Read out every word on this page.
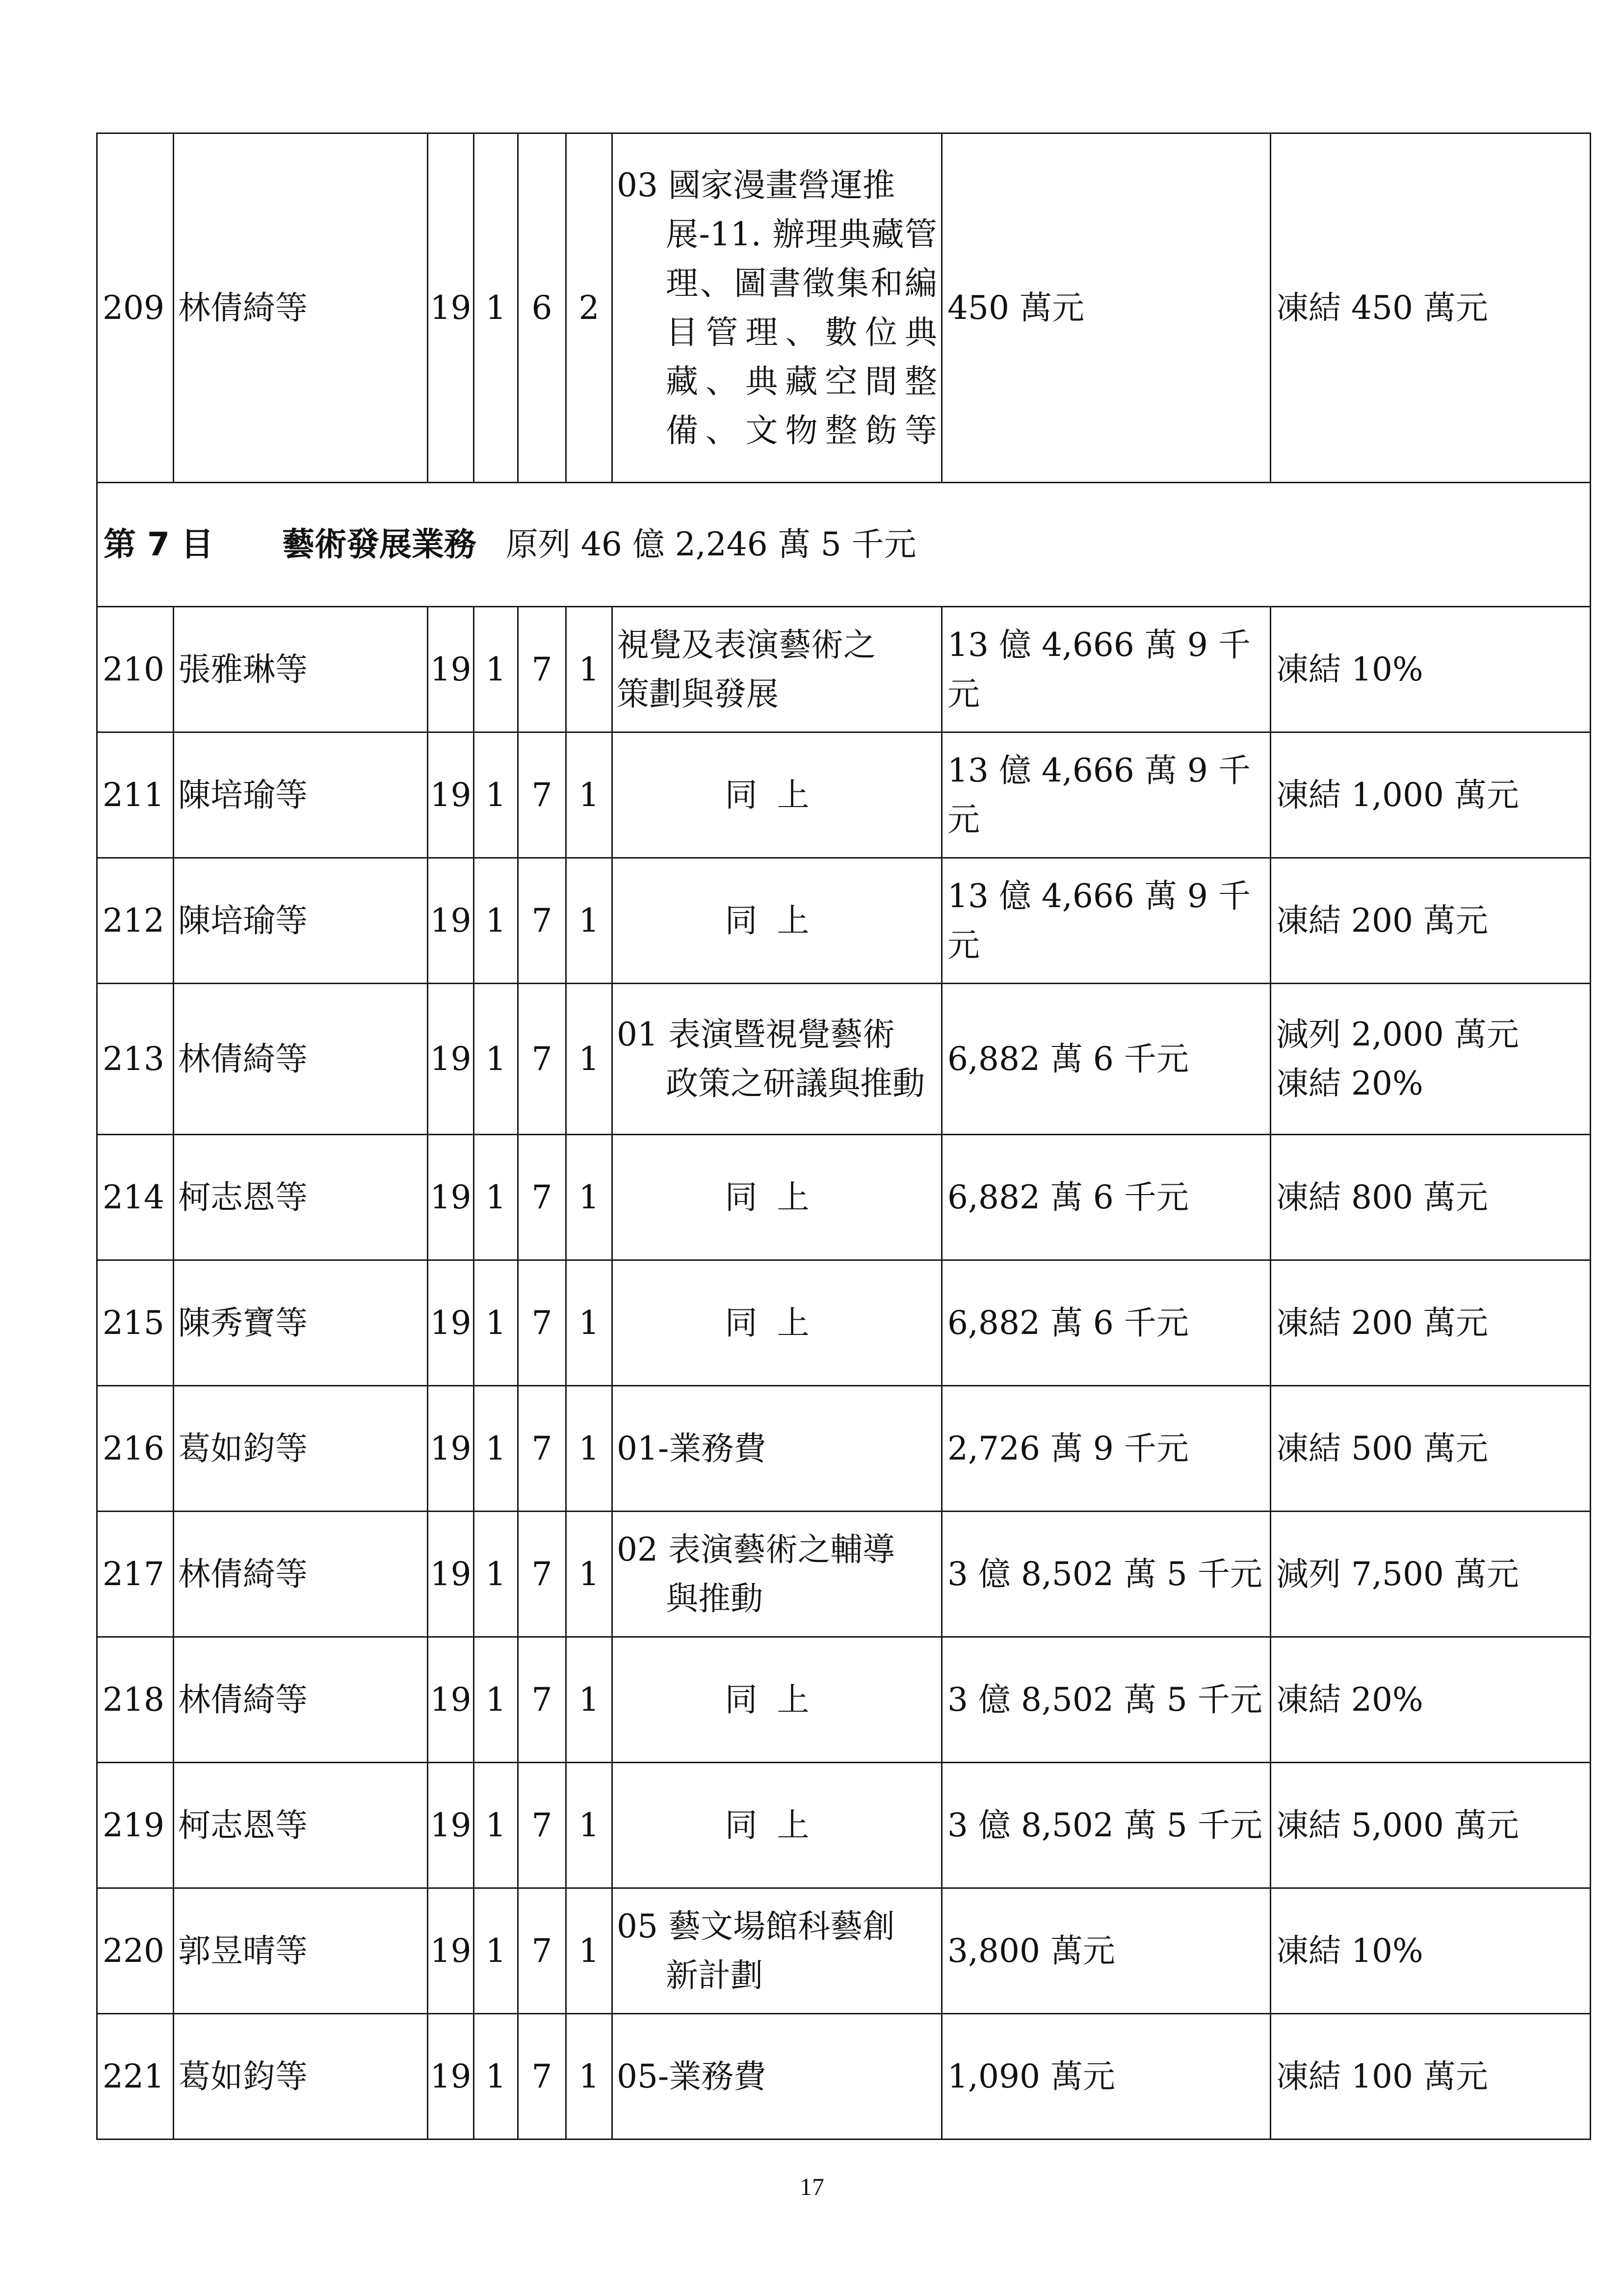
209	林倩綺等	19	1	6	2	03 國家漫畫營運推
展-11. 辦理典藏管理、圖書徵集和編目管理、數位典藏、典藏空間整備、文物整飭等	450 萬元	凍結 450 萬元
第 7 目 藝術發展業務 原列 46 億 2,246 萬 5 千元								
210	張雅琳等	19	1	7	1	視覺及表演藝術之
策劃與發展	13 億 4,666 萬 9 千
元	凍結 10%

211	陳培瑜等	19	1	7	1	同上	13 億 4,666 萬 9 千
元	凍結 1,000 萬元

212	陳培瑜等	19	1	7	1	同上	13 億 4,666 萬 9 千
元	凍結 200 萬元

213	林倩綺等	19	1	7	1	01 表演暨視覺藝術
政策之研議與推動	6,882 萬 6 千元	減列 2,000 萬元
凍結 20%

214	柯志恩等	19	1	7	1	同上	6,882 萬 6 千元	凍結 800 萬元

215	陳秀寶等	19	1	7	1	同上	6,882 萬 6 千元	凍結 200 萬元

216	葛如鈞等	19	1	7	1	01-業務費	2,726 萬 9 千元	凍結 500 萬元

217	林倩綺等	19	1	7	1	02 表演藝術之輔導
與推動	3 億 8,502 萬 5 千元	減列 7,500 萬元

218	林倩綺等	19	1	7	1	同上	3 億 8,502 萬 5 千元	凍結 20%

219	柯志恩等	19	1	7	1	同上	3 億 8,502 萬 5 千元	凍結 5,000 萬元

220	郭昱晴等	19	1	7	1	05 藝文場館科藝創
新計劃	3,800 萬元	凍結 10%

221	葛如鈞等	19	1	7	1	05-業務費	1,090 萬元	凍結 100 萬元
17
